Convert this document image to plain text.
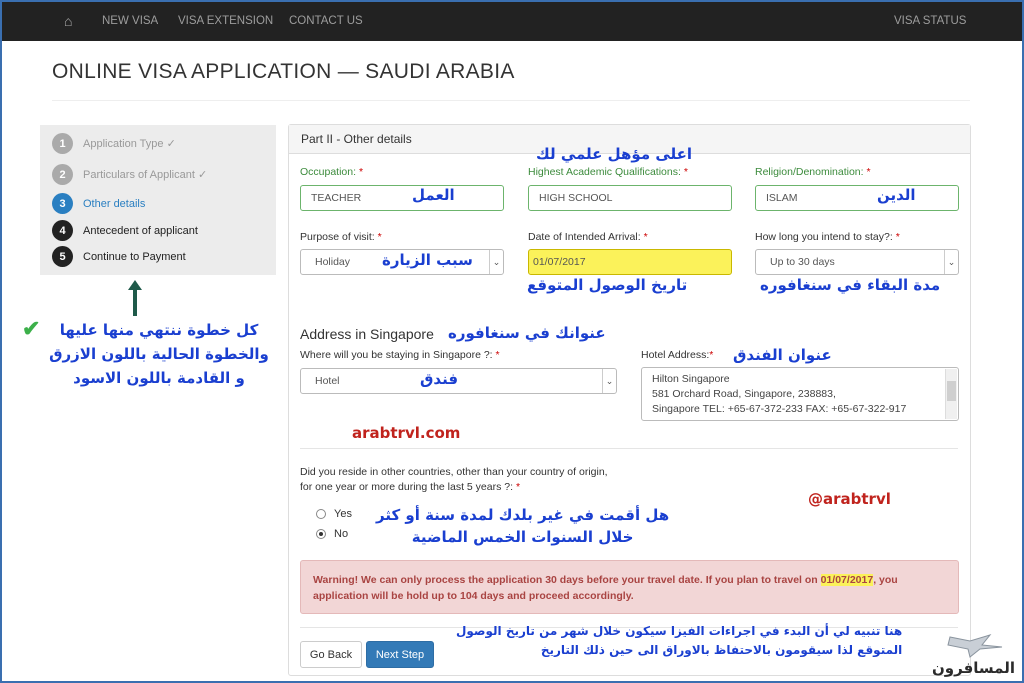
⌂	NEW VISA VISA EXTENSION CONTACT US	VISA STATUS
ONLINE VISA APPLICATION — SAUDI ARABIA
1	Application Type ✓
2	Particulars of Applicant ✓
3	Other details
4	Antecedent of applicant
5	Continue to Payment
✔	كل خطوة ننتهي منها عليها
والخطوة الحالية باللون الازرق
و القادمة باللون الاسود
Part II - Other details
Occupation: *
TEACHER
Highest Academic Qualifications: *
HIGH SCHOOL
Religion/Denomination: *
ISLAM
Purpose of visit: *
Holiday	⌄
Date of Intended Arrival: *
01/07/2017
How long you intend to stay?: *
Up to 30 days	⌄
Address in Singapore
Where will you be staying in Singapore ?: *
Hotel	⌄
Hotel Address:*
Hilton Singapore
581 Orchard Road, Singapore, 238883,
Singapore TEL: +65-67-372-233 FAX: +65-67-322-917
Did you reside in other countries, other than your country of origin, for one year or more during the last 5 years ?: *
Yes
No
Warning! We can only process the application 30 days before your travel date. If you plan to travel on 01/07/2017, you application will be hold up to 104 days and proceed accordingly.
Go Back	Next Step
اعلى مؤهل علمي لك
العمل	الدين
سبب الزيارة
تاريخ الوصول المتوقع	مدة البقاء في سنغافوره
عنوانك في سنغافوره
عنوان الفندق
فندق
هل أقمت في غير بلدك لمدة سنة أو كثر
خلال السنوات الخمس الماضية
هنا تنبيه لي أن البدء في اجراءات الفيزا سيكون خلال شهر من تاريخ الوصول
المتوقع لذا سيقومون بالاحتفاظ بالاوراق الى حين ذلك التاريخ
arabtrvl.com
@arabtrvl
المسافرون
